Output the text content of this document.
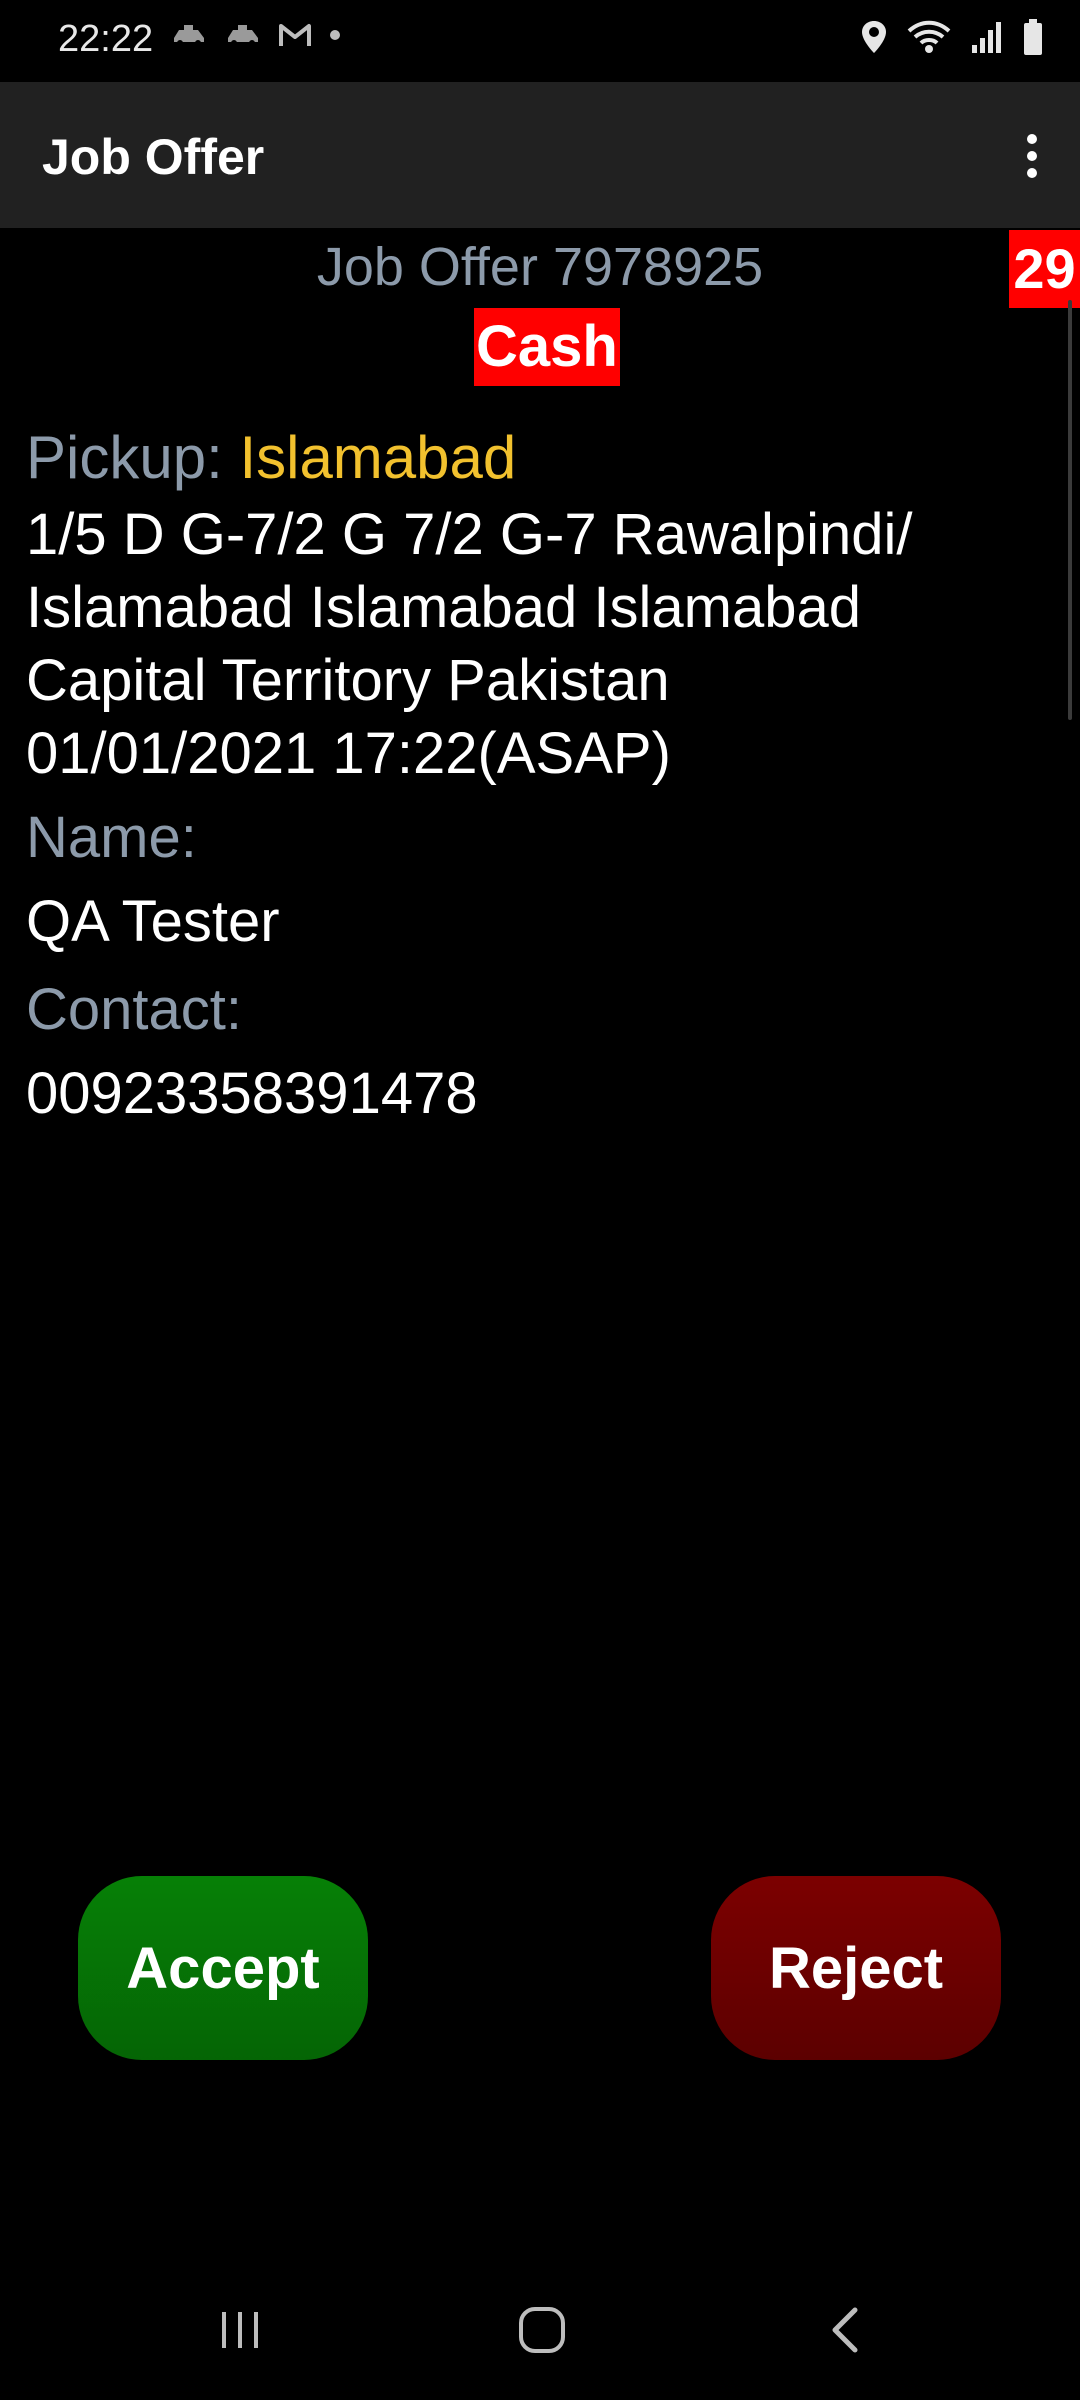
22:22
Job Offer
Job Offer 7978925	29
Cash
Pickup: Islamabad
1/5 D G-7/2 G 7/2 G-7 Rawalpindi/
Islamabad Islamabad Islamabad
Capital Territory Pakistan
01/01/2021 17:22(ASAP)
Name:
QA Tester
Contact:
00923358391478
Accept	Reject
